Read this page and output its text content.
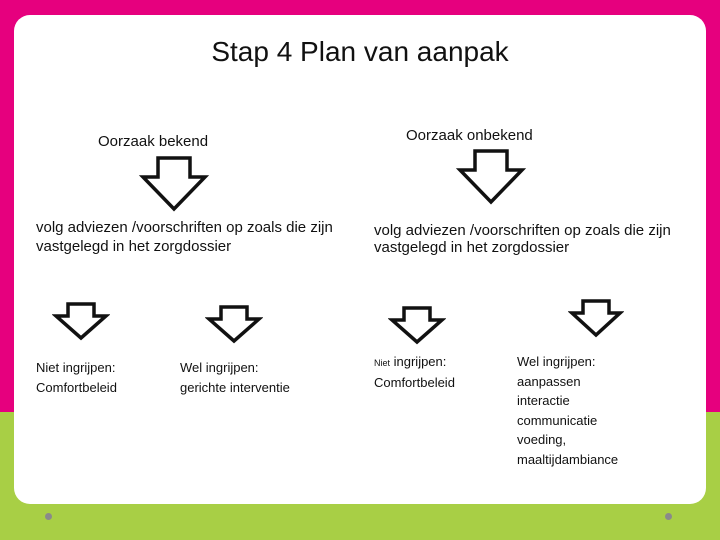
Stap 4 Plan van aanpak
Oorzaak bekend
volg adviezen /voorschriften op zoals die zijn vastgelegd in het zorgdossier
Niet ingrijpen:
Comfortbeleid
Wel ingrijpen:
gerichte interventie
Oorzaak onbekend
volg adviezen /voorschriften op zoals die zijn vastgelegd in het zorgdossier
Niet ingrijpen:
Comfortbeleid
Wel ingrijpen:
aanpassen
interactie
communicatie
voeding,
maaltijdambiance
